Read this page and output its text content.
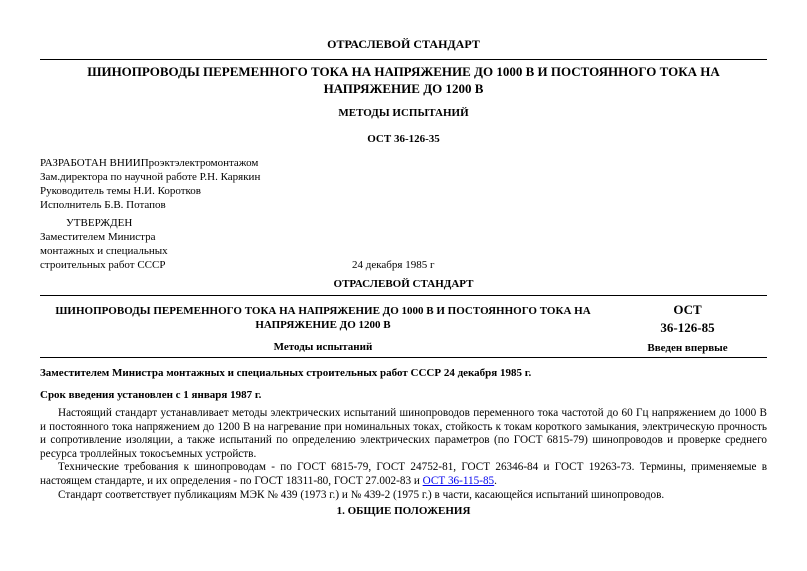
ОТРАСЛЕВОЙ СТАНДАРТ
ШИНОПРОВОДЫ ПЕРЕМЕННОГО ТОКА НА НАПРЯЖЕНИЕ ДО 1000 В И ПОСТОЯННОГО ТОКА НА НАПРЯЖЕНИЕ ДО 1200 В
МЕТОДЫ ИСПЫТАНИЙ
ОСТ 36-126-35
РАЗРАБОТАН ВНИИПроэктэлектромонтажом
Зам.директора по научной работе Р.Н. Карякин
Руководитель темы Н.И. Коротков
Исполнитель Б.В. Потапов
УТВЕРЖДЕН
Заместителем Министра
монтажных и специальных
строительных работ СССР	24 декабря 1985 г
ОТРАСЛЕВОЙ СТАНДАРТ
ШИНОПРОВОДЫ ПЕРЕМЕННОГО ТОКА НА НАПРЯЖЕНИЕ ДО 1000 В И ПОСТОЯННОГО ТОКА НА НАПРЯЖЕНИЕ ДО 1200 В
Методы испытаний
ОСТ
36-126-85
Введен впервые
Заместителем Министра монтажных и специальных строительных работ СССР 24 декабря 1985 г.
Срок введения установлен с 1 января 1987 г.
Настоящий стандарт устанавливает методы электрических испытаний шинопроводов переменного тока частотой до 60 Гц напряжением до 1000 В и постоянного тока напряжением до 1200 В на нагревание при номинальных токах, стойкость к токам короткого замыкания, электрическую прочность и сопротивление изоляции, а также испытаний по определению электрических параметров (по ГОСТ 6815-79) шинопроводов и проверке среднего ресурса троллейных токосъемных устройств.
Технические требования к шинопроводам - по ГОСТ 6815-79, ГОСТ 24752-81, ГОСТ 26346-84 и ГОСТ 19263-73. Термины, применяемые в настоящем стандарте, и их определения - по ГОСТ 18311-80, ГОСТ 27.002-83 и ОСТ 36-115-85.
Стандарт соответствует публикациям МЭК № 439 (1973 г.) и № 439-2 (1975 г.) в части, касающейся испытаний шинопроводов.
1. ОБЩИЕ ПОЛОЖЕНИЯ
